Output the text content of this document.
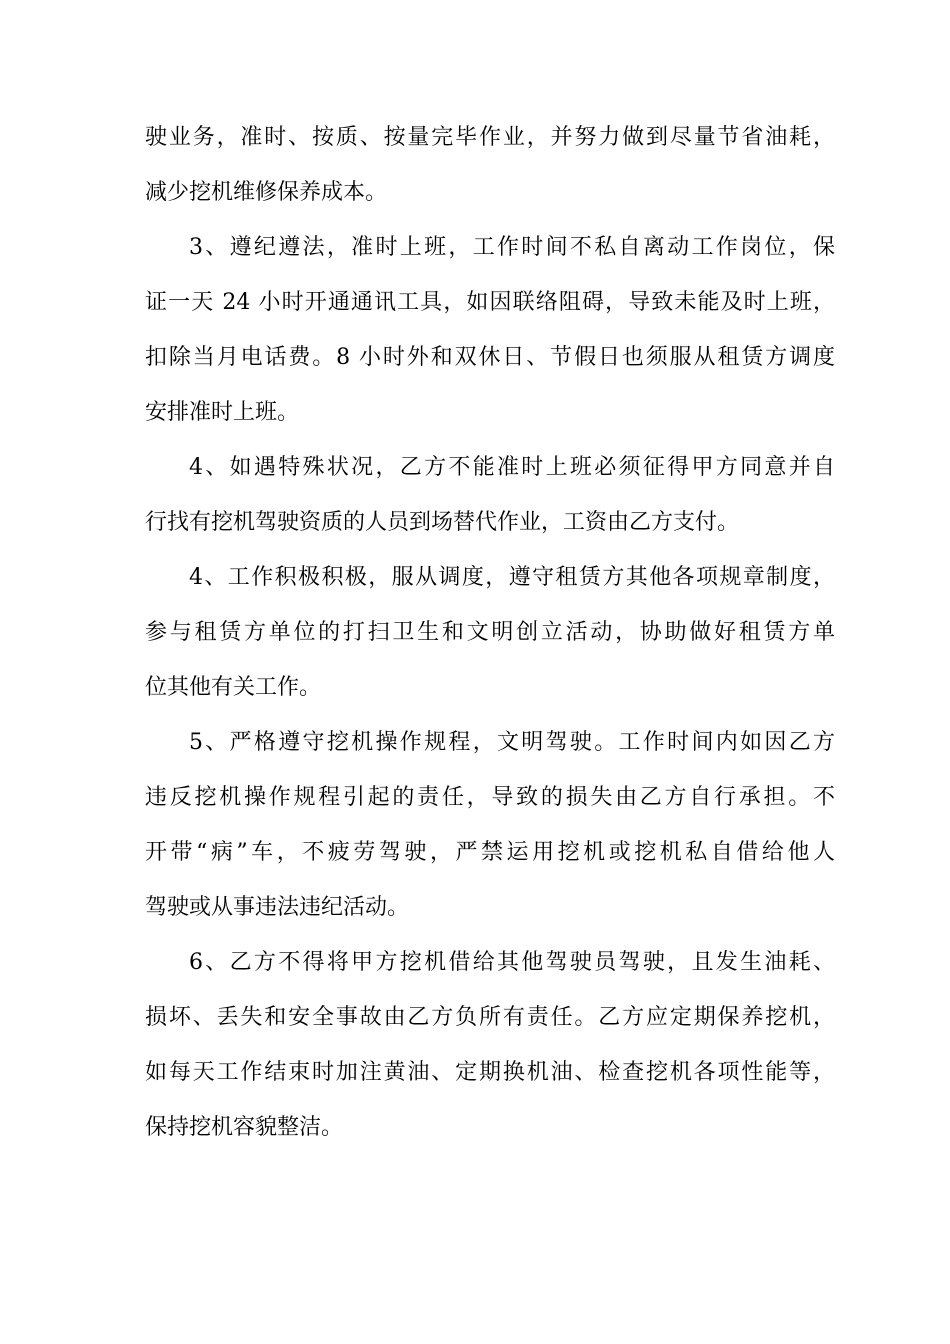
驶业务，准时、按质、按量完毕作业，并努力做到尽量节省油耗，
减少挖机维修保养成本。
3、遵纪遵法，准时上班，工作时间不私自离动工作岗位，保
证一天 24 小时开通通讯工具，如因联络阻碍，导致未能及时上班，
扣除当月电话费。8 小时外和双休日、节假日也须服从租赁方调度
安排准时上班。
4、如遇特殊状况，乙方不能准时上班必须征得甲方同意并自
行找有挖机驾驶资质的人员到场替代作业，工资由乙方支付。
4、工作积极积极，服从调度，遵守租赁方其他各项规章制度，
参与租赁方单位的打扫卫生和文明创立活动，协助做好租赁方单
位其他有关工作。
5、严格遵守挖机操作规程，文明驾驶。工作时间内如因乙方
违反挖机操作规程引起的责任，导致的损失由乙方自行承担。不
开带“病”车，不疲劳驾驶，严禁运用挖机或挖机私自借给他人
驾驶或从事违法违纪活动。
6、乙方不得将甲方挖机借给其他驾驶员驾驶，且发生油耗、
损坏、丢失和安全事故由乙方负所有责任。乙方应定期保养挖机，
如每天工作结束时加注黄油、定期换机油、检查挖机各项性能等，
保持挖机容貌整洁。
